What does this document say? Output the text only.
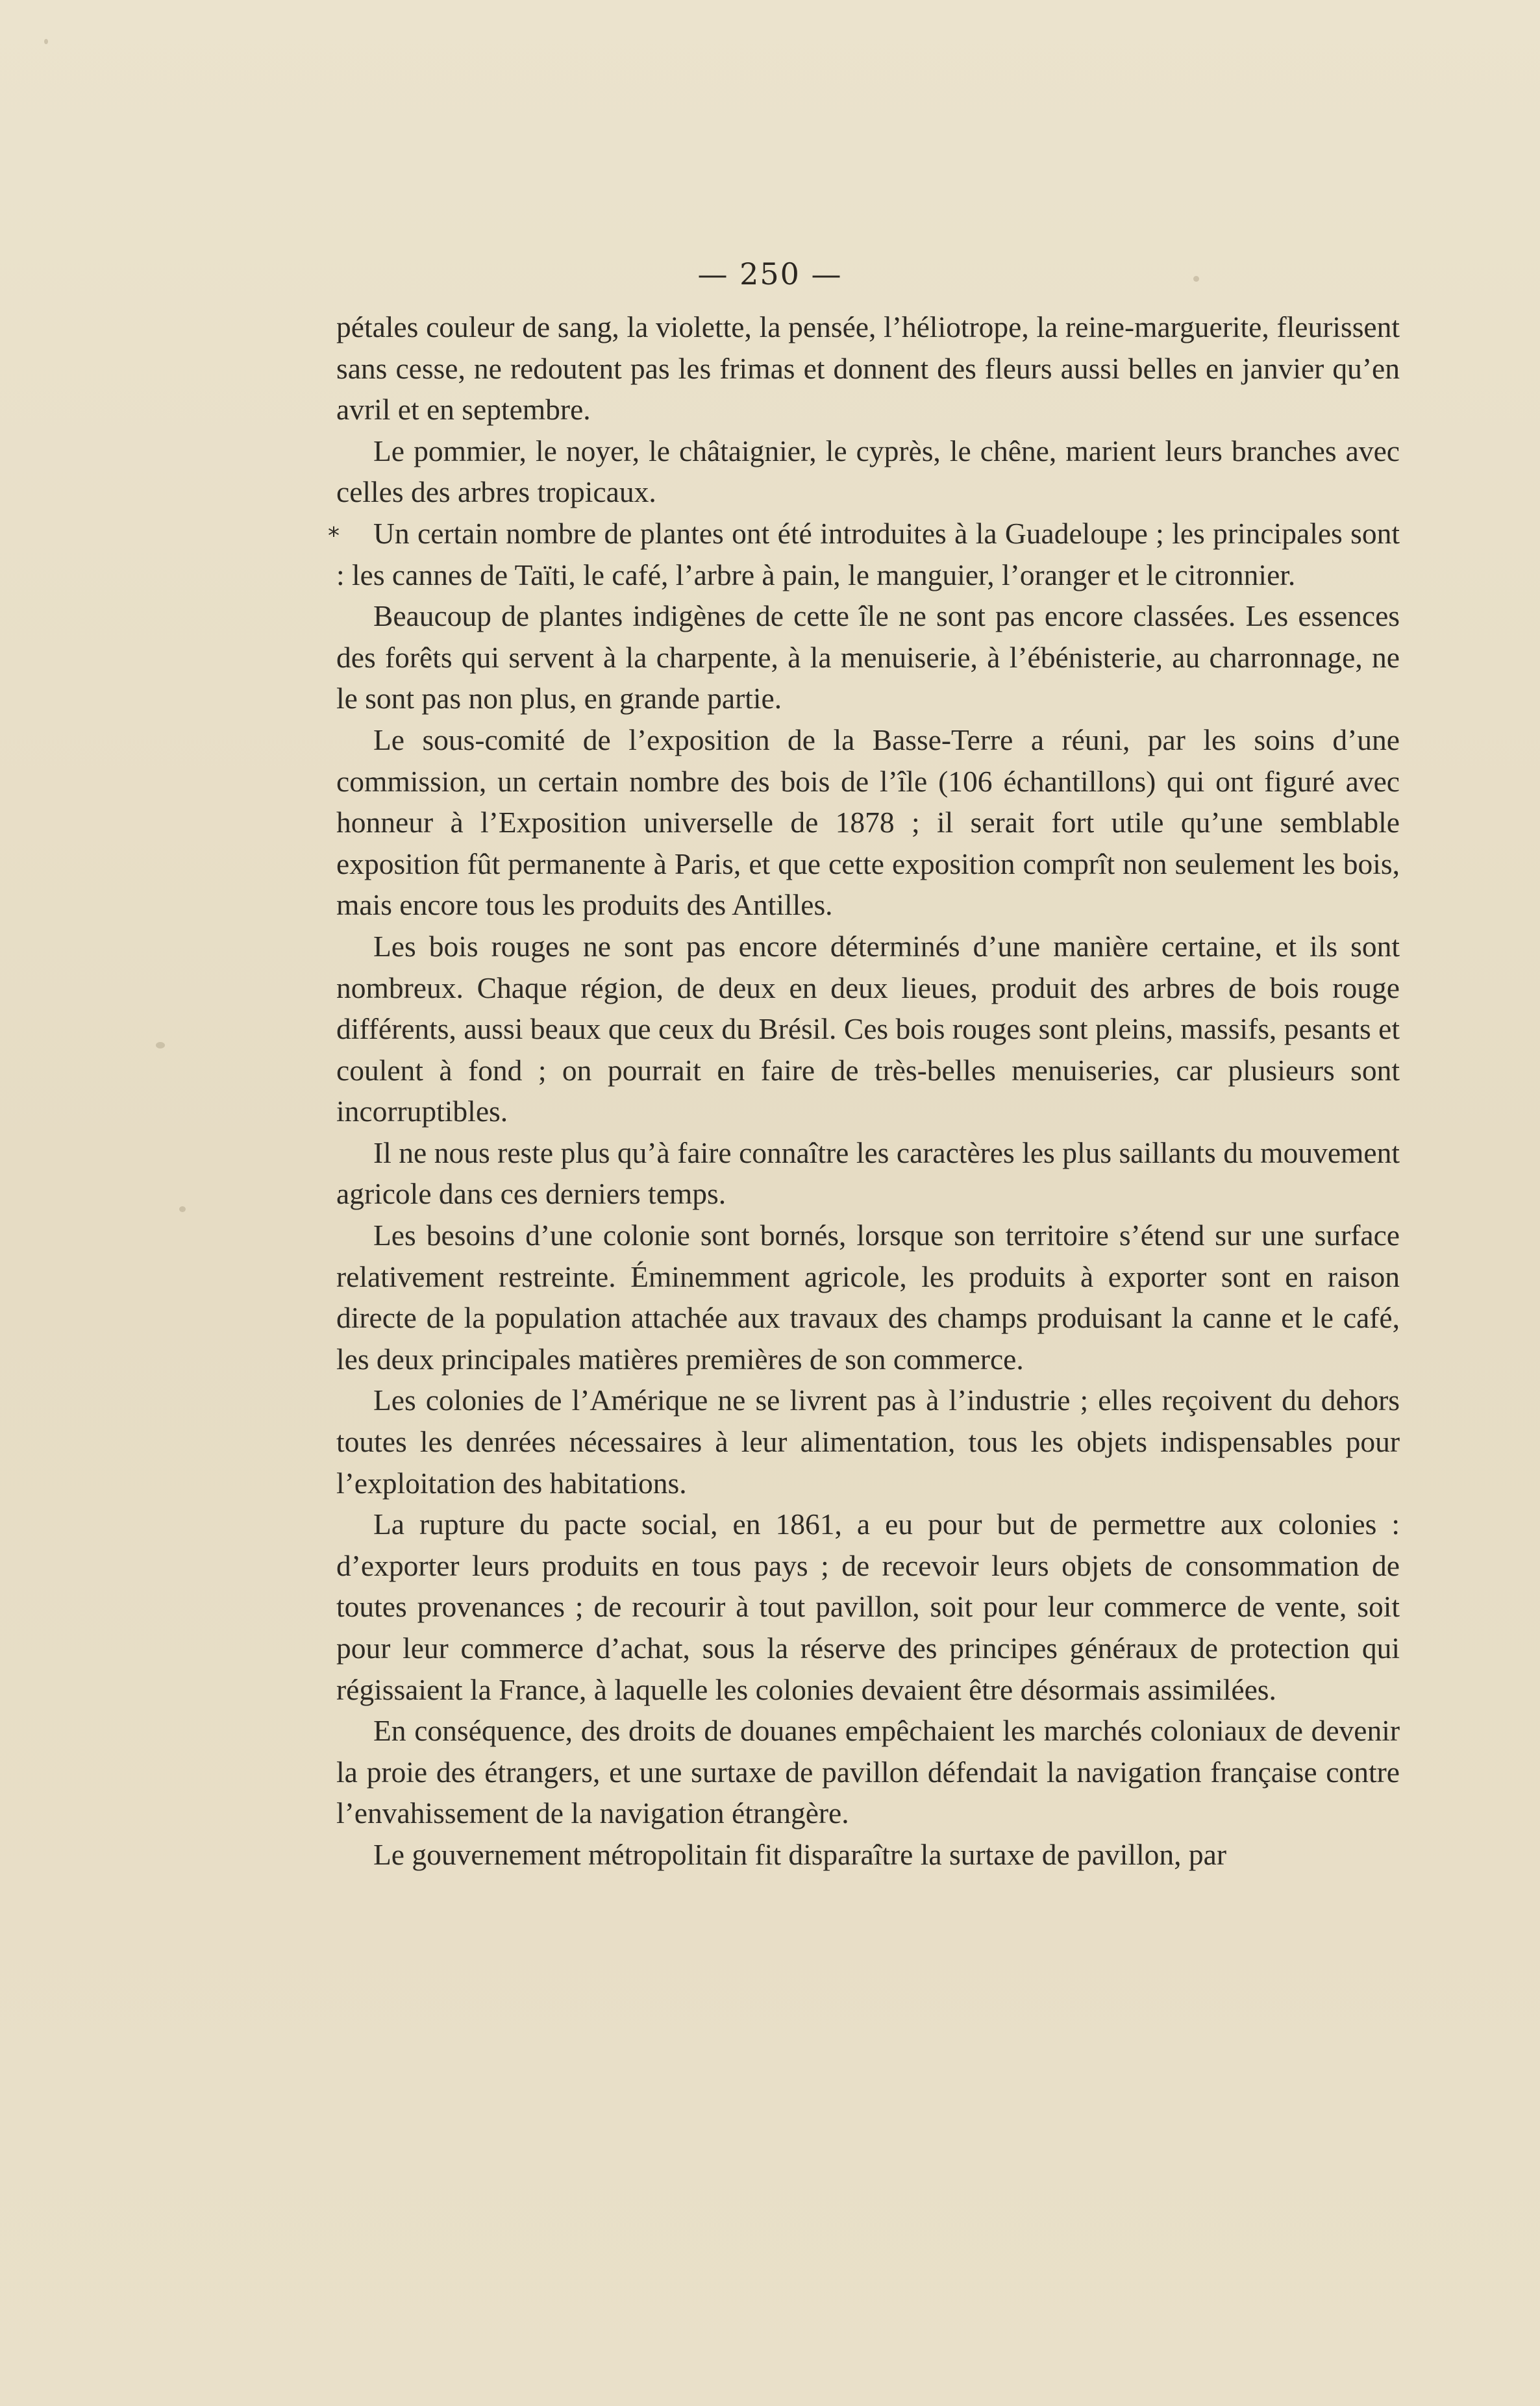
— 250 —
*

pétales couleur de sang, la violette, la pensée, l’héliotrope, la reine-marguerite, fleurissent sans cesse, ne redoutent pas les frimas et donnent des fleurs aussi belles en janvier qu’en avril et en septembre.

Le pommier, le noyer, le châtaignier, le cyprès, le chêne, marient leurs branches avec celles des arbres tropicaux.

Un certain nombre de plantes ont été introduites à la Guadeloupe ; les principales sont : les cannes de Taïti, le café, l’arbre à pain, le manguier, l’oranger et le citronnier.

Beaucoup de plantes indigènes de cette île ne sont pas encore classées. Les essences des forêts qui servent à la charpente, à la menuiserie, à l’ébénisterie, au charronnage, ne le sont pas non plus, en grande partie.

Le sous-comité de l’exposition de la Basse-Terre a réuni, par les soins d’une commission, un certain nombre des bois de l’île (106 échantillons) qui ont figuré avec honneur à l’Exposition universelle de 1878 ; il serait fort utile qu’une semblable exposition fût permanente à Paris, et que cette exposition comprît non seulement les bois, mais encore tous les produits des Antilles.

Les bois rouges ne sont pas encore déterminés d’une manière certaine, et ils sont nombreux. Chaque région, de deux en deux lieues, produit des arbres de bois rouge différents, aussi beaux que ceux du Brésil. Ces bois rouges sont pleins, massifs, pesants et coulent à fond ; on pourrait en faire de très-belles menuiseries, car plusieurs sont incorruptibles.

Il ne nous reste plus qu’à faire connaître les caractères les plus saillants du mouvement agricole dans ces derniers temps.

Les besoins d’une colonie sont bornés, lorsque son territoire s’étend sur une surface relativement restreinte. Éminemment agricole, les produits à exporter sont en raison directe de la population attachée aux travaux des champs produisant la canne et le café, les deux principales matières premières de son commerce.

Les colonies de l’Amérique ne se livrent pas à l’industrie ; elles reçoivent du dehors toutes les denrées nécessaires à leur alimentation, tous les objets indispensables pour l’exploitation des habitations.

La rupture du pacte social, en 1861, a eu pour but de permettre aux colonies : d’exporter leurs produits en tous pays ; de recevoir leurs objets de consommation de toutes provenances ; de recourir à tout pavillon, soit pour leur commerce de vente, soit pour leur commerce d’achat, sous la réserve des principes généraux de protection qui régissaient la France, à laquelle les colonies devaient être désormais assimilées.

En conséquence, des droits de douanes empêchaient les marchés coloniaux de devenir la proie des étrangers, et une surtaxe de pavillon défendait la navigation française contre l’envahissement de la navigation étrangère.

Le gouvernement métropolitain fit disparaître la surtaxe de pavillon, par
